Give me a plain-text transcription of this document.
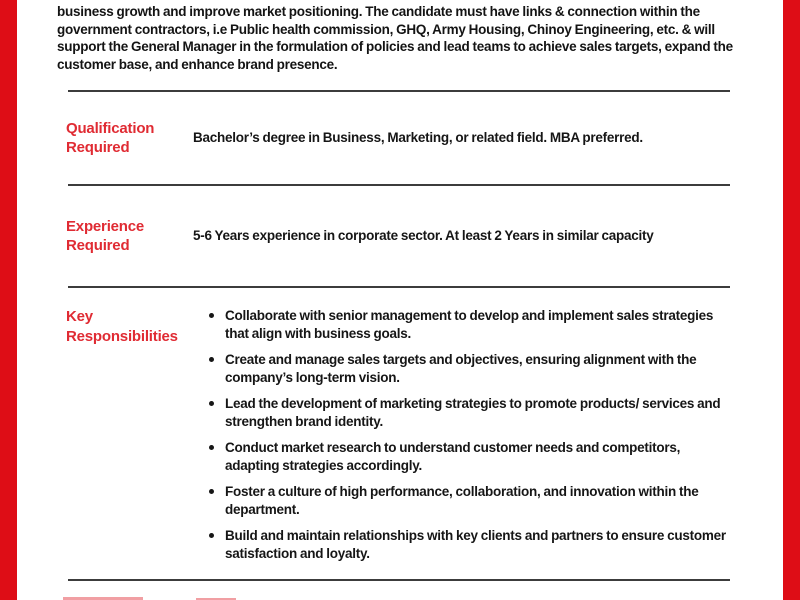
business growth and improve market positioning. The candidate must have links & connection within the government contractors, i.e Public health commission, GHQ, Army Housing, Chinoy Engineering, etc. & will support the General Manager in the formulation of policies and lead teams to achieve sales targets, expand the customer base, and enhance brand presence.

Qualification Required
Bachelor’s degree in Business, Marketing, or related field. MBA preferred.
Experience Required
5-6 Years experience in corporate sector. At least 2 Years in similar capacity
Key Responsibilities
Collaborate with senior management to develop and implement sales strategies that align with business goals.
Create and manage sales targets and objectives, ensuring alignment with the company’s long-term vision.
Lead the development of marketing strategies to promote products/ services and strengthen brand identity.
Conduct market research to understand customer needs and competitors, adapting strategies accordingly.
Foster a culture of high performance, collaboration, and innovation within the department.
Build and maintain relationships with key clients and partners to ensure customer satisfaction and loyalty.
